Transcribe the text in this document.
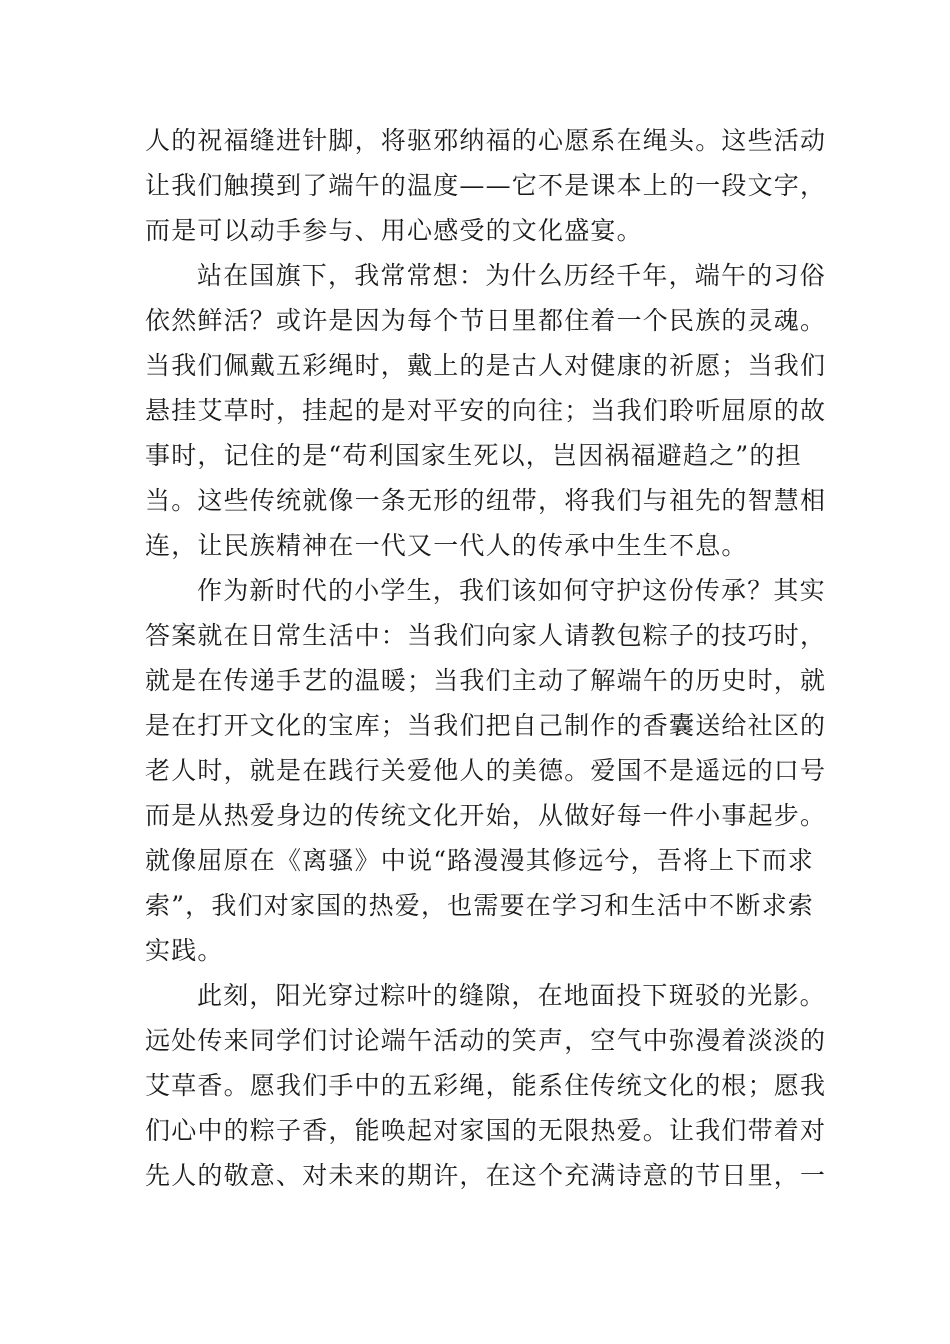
人的祝福缝进针脚，将驱邪纳福的心愿系在绳头。这些活动
让我们触摸到了端午的温度——它不是课本上的一段文字，
而是可以动手参与、用心感受的文化盛宴。
站在国旗下，我常常想：为什么历经千年，端午的习俗
依然鲜活？或许是因为每个节日里都住着一个民族的灵魂。
当我们佩戴五彩绳时，戴上的是古人对健康的祈愿；当我们
悬挂艾草时，挂起的是对平安的向往；当我们聆听屈原的故
事时，记住的是“苟利国家生死以，岂因祸福避趋之”的担
当。这些传统就像一条无形的纽带，将我们与祖先的智慧相
连，让民族精神在一代又一代人的传承中生生不息。
作为新时代的小学生，我们该如何守护这份传承？其实
答案就在日常生活中：当我们向家人请教包粽子的技巧时，
就是在传递手艺的温暖；当我们主动了解端午的历史时，就
是在打开文化的宝库；当我们把自己制作的香囊送给社区的
老人时，就是在践行关爱他人的美德。爱国不是遥远的口号
而是从热爱身边的传统文化开始，从做好每一件小事起步。
就像屈原在《离骚》中说“路漫漫其修远兮，吾将上下而求
索”，我们对家国的热爱，也需要在学习和生活中不断求索
实践。
此刻，阳光穿过粽叶的缝隙，在地面投下斑驳的光影。
远处传来同学们讨论端午活动的笑声，空气中弥漫着淡淡的
艾草香。愿我们手中的五彩绳，能系住传统文化的根；愿我
们心中的粽子香，能唤起对家国的无限热爱。让我们带着对
先人的敬意、对未来的期许，在这个充满诗意的节日里，一
